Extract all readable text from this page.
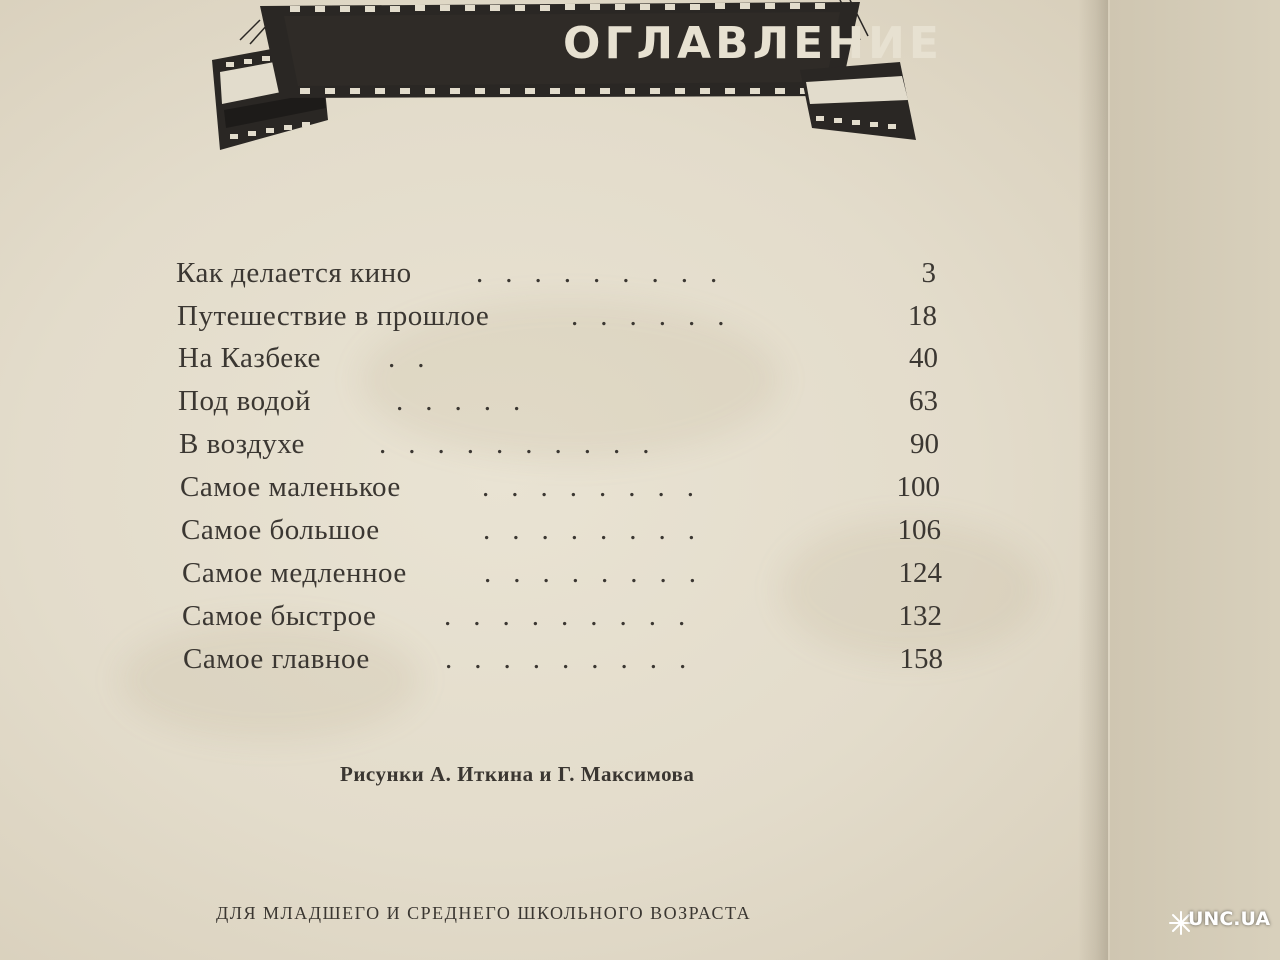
ОГЛАВЛЕНИЕ
Как делается кино .........	3
Путешествие в прошлое	......	18
На Казбеке ..	40
Под водой	.....	63
В воздухе	..........	90
Самое маленькое	........	100
Самое большое	........	106
Самое медленное	........	124
Самое быстрое .........	132
Самое главное	.........	158
Рисунки А. Иткина и Г. Максимова
ДЛЯ МЛАДШЕГО И СРЕДНЕГО ШКОЛЬНОГО ВОЗРАСТА	UNC.UA
